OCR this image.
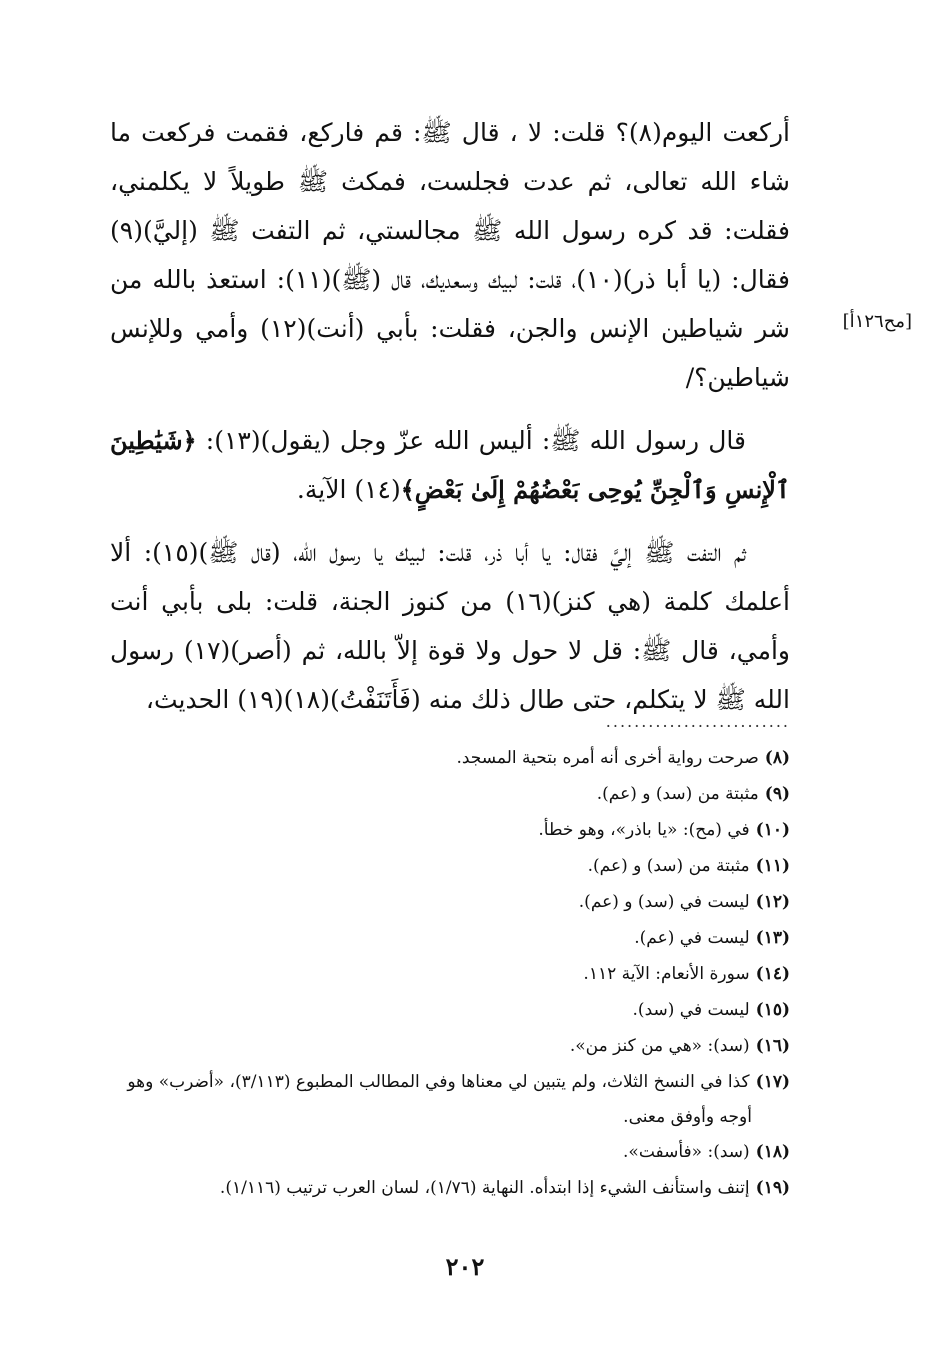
أركعت اليوم(٨)؟ قلت: لا ، قال ﷺ: قم فاركع، فقمت فركعت ما شاء الله تعالى، ثم عدت فجلست، فمكث ﷺ طويلاً لا يكلمني، فقلت: قد كره رسول الله ﷺ مجالستي، ثم التفت ﷺ (إليَّ)(٩) فقال: (يا أبا ذر)(١٠)، قلت: لبيك وسعديك، قال (ﷺ)(١١): استعذ بالله من شر شياطين الإنس والجن، فقلت: بأبي (أنت)(١٢) وأمي وللإنس شياطين؟/

قال رسول الله ﷺ: أليس الله عزّ وجل (يقول)(١٣): ﴿شَيَٰطِينَ ٱلْإِنسِ وَٱلْجِنِّ يُوحِى بَعْضُهُمْ إِلَىٰ بَعْضٍ﴾(١٤) الآية.

ثم التفت ﷺ إليَّ فقال: يا أبا ذر، قلت: لبيك يا رسول الله، (قال ﷺ)(١٥): ألا أعلمك كلمة (هي كنز)(١٦) من كنوز الجنة، قلت: بلى بأبي أنت وأمي، قال ﷺ: قل لا حول ولا قوة إلاّ بالله، ثم (أصر)(١٧) رسول الله ﷺ لا يتكلم، حتى طال ذلك منه (فَأَتَنَفْتُ)(١٨)(١٩) الحديث،

[مح١٢٦أ]
..........................
(٨)صرحت رواية أخرى أنه أمره بتحية المسجد.
(٩)مثبتة من (سد) و (عم).
(١٠)في (مح): «يا باذر»، وهو خطأ.
(١١)مثبتة من (سد) و (عم).
(١٢)ليست في (سد) و (عم).
(١٣)ليست في (عم).
(١٤)سورة الأنعام: الآية ١١٢.
(١٥)ليست في (سد).
(١٦)(سد): «هي من كنز من».
(١٧)كذا في النسخ الثلاث، ولم يتبين لي معناها وفي المطالب المطبوع (٣/١١٣)، «أضرب» وهو
أوجه وأوفق معنى.
(١٨)(سد): «فأسفت».
(١٩)إتنف واستأنف الشيء إذا ابتدأه. النهاية (١/٧٦)، لسان العرب ترتيب (١/١١٦).
٢٠٢
